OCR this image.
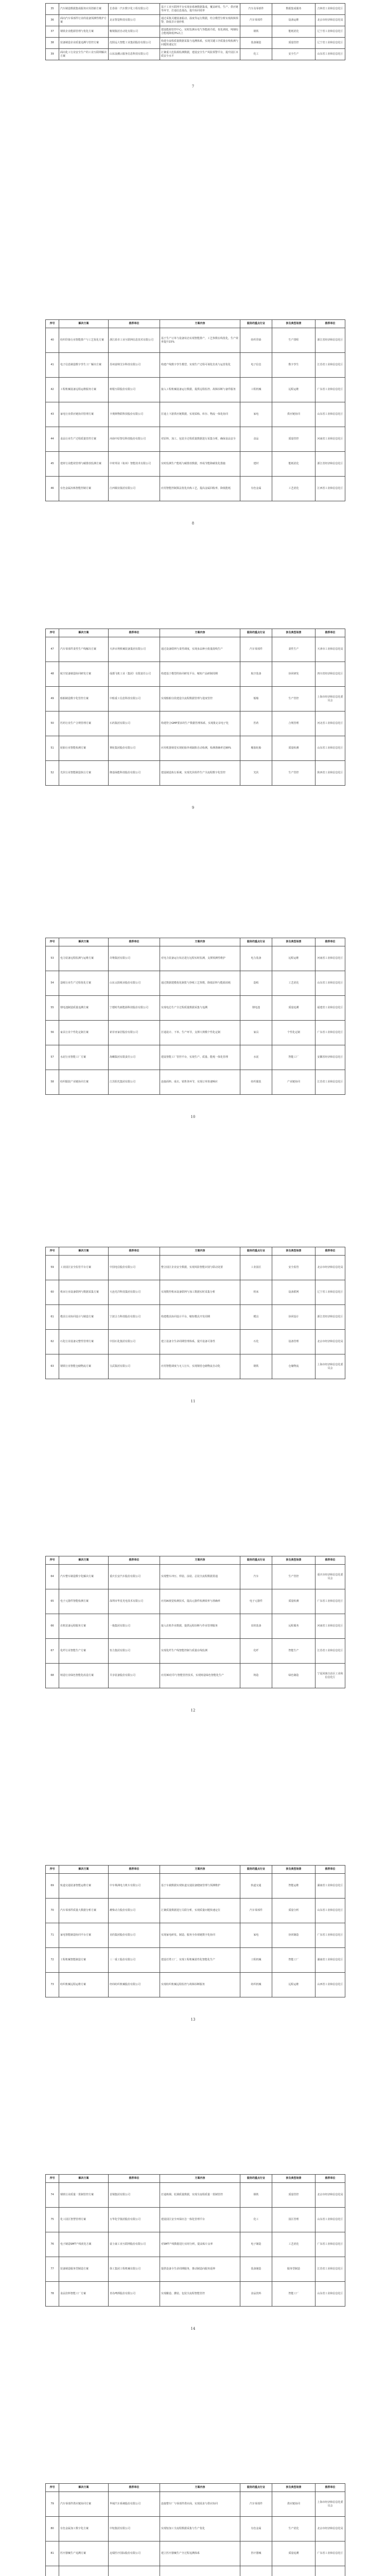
35	汽车制造数据集成服务应用创新方案	长春第一汽车数字化工程有限公司	基于工业互联网平台实现多系统数据集成，覆盖研发、生产、供应链等环节，打通信息孤岛，提升协同效率	汽车及零部件	数据集成服务	吉林省工业和信息化厅
36	面向汽车零部件行业的设备预测性维护方案	北京智造科技有限公司	通过采集关键设备振动、温度等运行数据，结合模型分析实现故障预警，降低非计划停机	汽车零部件	设备运维	北京市经济和信息化局
37	钢铁企业能源管理与优化方案	鞍钢集团自动化有限公司	建设能源管控中心，实时监测水电气等能源介质，优化调度，吨钢综合能耗降低3%以上	钢铁	能耗优化	辽宁省工业和信息化厅
38	装备制造企业质量追溯与管控方案	沈阳远大智能工业集团股份有限公司	构建全流程质量数据采集与追溯体系，实现关键工序质量在线检测与问题快速定位	装备制造	质量管控	辽宁省工业和信息化厅
39	面向化工行业安全生产的工业互联网解决方案	山东浪潮云服务信息科技有限公司	汇聚重大危险源监测数据，建设安全生产风险预警平台，提升园区本质安全水平	化工	安全生产	山东省工业和信息化厅
7
序号	解决方案	推荐单位	方案内容	服务的重点行业	涉及典型场景	推荐单位
40	纺织印染行业智能排产与工艺优化方案	浙江蓝卓工业互联网信息技术有限公司	基于生产订单与设备状态实现智能排产，工艺参数在线优化，生产效率提升15%	纺织印染	生产排程	浙江省经济和信息化厅
41	电子信息制造数字孪生工厂解决方案	苏州富纳艾尔科技有限公司	构建产线数字孪生模型，实现生产过程可视化仿真与运营优化	电子信息	数字孪生	江苏省工业和信息化厅
42	工程机械设备远程运维服务方案	树根互联股份有限公司	接入工程机械设备运行数据，提供远程监控、故障诊断与备件服务	工程机械	远程运维	广东省工业和信息化厅
43	家电行业供应链协同管理方案	卡奥斯物联科技股份有限公司	打通上下游供应链数据，实现采购、库存、物流一体化协同	家电	供应链协同	山东省工业和信息化厅
44	食品行业生产过程质量管控方案	河南中原智信科技股份有限公司	对原料、加工、包装全过程质量数据进行采集分析，确保食品安全	食品	质量管控	河南省工业和信息化厅
45	建材行业能效管理与碳排放监测方案	中材邦业（杭州）智能技术有限公司	实时监测生产能耗与碳排放数据，形成节能降碳优化措施	建材	能耗优化	浙江省经济和信息化厅
46	有色金属冶炼智能控制方案	江西铜业集团有限公司	应用智能控制算法优化冶炼工艺，提高金属回收率，降低能耗	有色金属	工艺优化	江西省工业和信息化厅
8
序号	解决方案	推荐单位	方案内容	服务的重点行业	涉及典型场景	推荐单位
47	汽车零部件柔性生产线解决方案	天津百利机械装备集团有限公司	通过设备联网与柔性调度，实现多品种小批量混线生产	汽车零部件	柔性生产	天津市工业和信息化局
48	航空装备制造协同研发方案	成都飞机工业（集团）有限责任公司	构建基于模型的协同研发平台，缩短产品研制周期	航空装备	协同研发	四川省经济和信息化厅
49	船舶制造数字化管控方案	中船重工信息科技有限公司	实现船舶分段建造全流程数据管理与进度管控	船舶	生产管控	上海市经济和信息化委员会
50	医药行业生产合规管理方案	石药集团有限公司	构建符合GMP要求的生产数据管理体系，实现批记录电子化	医药	合规管理	河北省工业和信息化厅
51	轮胎行业智能检测方案	赛轮集团股份有限公司	应用机器视觉实现轮胎外观缺陷自动检测，检测准确率达99%	橡胶轮胎	质量检测	山东省工业和信息化厅
52	光伏行业智能制造执行方案	隆基绿能科技股份有限公司	建设制造执行系统，实现光伏组件生产全流程数字化管控	光伏	生产管控	陕西省工业和信息化厅
9
序号	解决方案	推荐单位	方案内容	服务的重点行业	涉及典型场景	推荐单位
53	电力装备远程监测与运维方案	许继集团有限公司	对电力装备运行状态进行远程实时监测，支撑预测性维护	电力装备	远程运维	河南省工业和信息化厅
54	造纸行业生产过程优化方案	山东太阳纸业股份有限公司	通过数据建模优化制浆与抄纸工艺参数，降低原料与能源消耗	造纸	工艺优化	山东省工业和信息化厅
55	锂电池制造质量追溯方案	宁德时代新能源科技股份有限公司	实现电芯生产全过程质量数据采集与追溯	锂电池	质量追溯	福建省工业和信息化厅
56	家具行业个性化定制方案	索菲亚家居股份有限公司	打通设计、下单、生产环节，支撑大规模个性化定制	家具	个性化定制	广东省工业和信息化厅
57	水泥行业智能工厂方案	海螺集团有限责任公司	建设智能工厂管控平台，实现生产、质量、能耗一体化管理	水泥	智能工厂	安徽省经济和信息化厅
58	纺织服装产业链协同方案	江苏阳光集团有限公司	连接面料、成衣、销售各环节，实现订单快速响应	纺织服装	产业链协同	江苏省工业和信息化厅
10
序号	解决方案	推荐单位	方案内容	服务的重点行业	涉及典型场景	推荐单位
59	工业园区安全监管平台方案	中国电信股份有限公司	整合园区企业安全数据，实现风险智能识别与联动处置	工业园区	安全监管	北京市经济和信息化局
60	机床行业设备联网与数据采集方案	大连光洋科技集团有限公司	实现数控机床设备联网与加工数据实时采集分析	机床	设备联网	辽宁省工业和信息化厅
61	模具行业协同设计与制造方案	宁波合力科技股份有限公司	构建模具协同设计平台，缩短模具开发周期	模具	协同设计	浙江省经济和信息化厅
62	石化行业设备完整性管理方案	中国石化集团有限公司	建立设备全生命周期管理体系，提升设备可靠性	石化	设备管理	北京市经济和信息化局
63	钢铁行业智能仓储物流方案	宝武集团有限公司	应用智能调度与无人行车，实现钢卷仓储物流自动化	钢铁	仓储物流	上海市经济和信息化委员会
11
序号	解决方案	推荐单位	方案内容	服务的重点行业	涉及典型场景	推荐单位
64	汽车整车制造数字化解决方案	重庆长安汽车股份有限公司	实现整车冲压、焊装、涂装、总装全流程数据贯通	汽车	生产管控	重庆市经济和信息化委员会
65	电子元器件智能检测方案	深圳市华星光电技术有限公司	应用AI视觉检测技术，提高元器件检测效率与准确率	电子元器件	质量检测	广东省工业和信息化厅
66	农机装备远程服务方案	一拖集团有限公司	接入农机作业数据，提供远程诊断与作业管理服务	农机装备	远程服务	河南省工业和信息化厅
67	化纤行业智能生产方案	恒力集团有限公司	实现化纤生产线智能控制与质量在线监测	化纤	智能生产	江苏省工业和信息化厅
68	铸造行业绿色智能化改造方案	共享装备股份有限公司	应用3D打印与智能管控技术，实现铸造绿色智能化生产	铸造	绿色制造	宁夏回族自治区工业和信息化厅
12
序号	解决方案	推荐单位	方案内容	服务的重点行业	涉及典型场景	推荐单位
69	轨道交通装备智能运维方案	中车株洲电力机车有限公司	基于车载数据实现轨道交通装备健康管理与预测维护	轨道交通	智能运维	湖南省工业和信息化厅
70	汽车零部件质量大数据分析方案	潍柴动力股份有限公司	汇聚质量数据进行关联分析，实现质量问题快速定位	汽车零部件	质量分析	山东省工业和信息化厅
71	家电智能制造协同平台方案	美的集团股份有限公司	实现家电研发、制造、服务全价值链数字化协同	家电	协同制造	广东省工业和信息化厅
72	工程机械智能制造方案	三一重工股份有限公司	建设灯塔工厂，实现工程机械柔性化智能化生产	工程机械	智能工厂	湖南省工业和信息化厅
73	纺织机械远程运维方案	经纬纺织机械股份有限公司	实现纺织机械远程监控与故障诊断服务	纺织机械	远程运维	山西省工业和信息化厅
13
序号	解决方案	推荐单位	方案内容	服务的重点行业	涉及典型场景	推荐单位
74	钢铁行业质量一贯制管控方案	首钢集团有限公司	打通炼钢、轧钢质量数据，实现全流程质量一贯制管控	钢铁	质量管控	北京市经济和信息化局
75	化工园区智慧管理方案	万华化学集团股份有限公司	建设园区安全环保应急一体化管理平台	化工	园区管理	山东省工业和信息化厅
76	电子制造SMT产线优化方案	富士康工业互联网股份有限公司	对SMT产线数据进行实时分析，提高贴片良率	电子制造	工艺优化	广东省工业和信息化厅
77	装备制造服务型制造方案	徐工集团工程机械有限公司	提供设备全生命周期服务，推动制造向服务延伸	装备制造	服务型制造	江苏省工业和信息化厅
78	食品饮料智能工厂方案	青岛啤酒股份有限公司	实现酿造、灌装、包装全流程智能管控	食品饮料	智能工厂	山东省工业和信息化厅
14
序号	解决方案	推荐单位	方案内容	服务的重点行业	涉及典型场景	推荐单位
79	汽车零部件供应链协同方案	华域汽车系统股份有限公司	连接整车厂与零部件供应商，实现需求与供应协同	汽车零部件	供应链协同	上海市经济和信息化委员会
80	有色金属加工数字化方案	中铝集团有限公司	实现铝加工全流程数据采集与生产优化	有色金属	生产优化	北京市经济和信息化局
81	医疗器械生产追溯方案	迈瑞医疗国际股份有限公司	建立医疗器械生产全过程追溯体系	医疗器械	质量追溯	广东省工业和信息化厅
